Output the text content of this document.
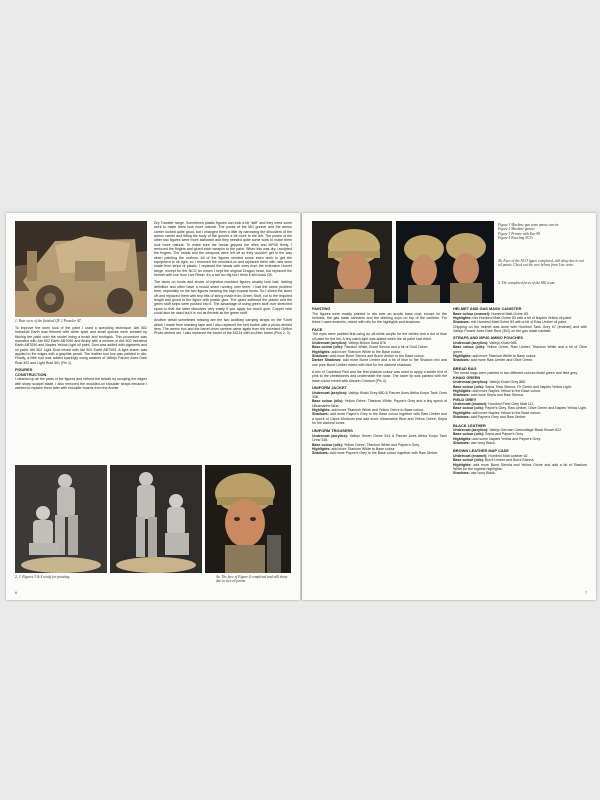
1. Rear view of the finished QF 2 Pounder AT.

To improve the worn look of the paint I used a speckling technique. Abt 502 Industrial Earth was thinned with white spirit and small specks were created by flicking the paint onto the model using a brush and toothpick. This procedure was repeated with Abt 502 Earth ABT090 and finally with a mixture of Abt 502 Industrial Earth ABT090 and Naples Yellow Light oil paint. Dust was added with pigments and oil paint: Abt 502 Light Dust mixed with Abt 502 Earth ABT093. A light sheen was applied to the edges with a graphite pencil. The leather tool box was painted in oils. Finally, a little rust was added sparingly using washes of Vallejo Panzer Aces Dark Rust 302 and Light Rust 301 (Pic 1).

FIGURES
CONSTRUCTION

I cleaned up all the parts of the figures and refined the details by scraping the edges with sharp scalpel blade. I also removed the moulded-on shoulder straps because I wanted to replace them later with shoulder boards from the Archer

Dry Transfer range. Sometimes plastic figures can look a bit "stiff" and they need some work to make them look more natural. The poses of the MG gunner and the ammo carrier looked quite good, but I changed them a little by narrowing the shoulders of the ammo carrier and tilting the body of the gunner a bit more to the left. The poses of the other two figures were more awkward and they needed quite some work to make them look more natural. To make sure the hands gripped the rifles and MP40 firmly, I removed the fingers and glued each weapon to the palm. When this was dry I sculpted the fingers. The hands and the weapons were left off so they wouldn't get in the way when painting the uniform. All of the figures needed some extra work to get the equipment to sit right, so I removed the moulded-on and replaced them with new ones made from strips of plastic. I replaced the heads with ones from the extensive Hornet range, except for the NCO for whom I kept the original Dragon head, but replaced the helmet with one from Live Resin. It's a tad too big but I think it still looks OK.

The laces on boots and shoes of injection-moulded figures usually look bad, lacking definition and often have a mould seam running over them. I had the same problem here, especially on the two figures wearing the high tropical boots. So I sliced the laces off and replaced them with tiny bits of string made from Green Stuff, cut to the required length and glued to the figure with plastic glue. The glues softened the plastic and the green stuff strips were pushed into it. The advantage of using green stuff over stretched sprue is that the latter dissolves very easily if you apply too much glue. Copper wire could also be used but it is not as flexible as the green stuff.

Another detail sometimes missing are the two auxiliary carrying straps on the Y-belt which I made from masking tape and I also replaced the belt buckle with a photo-etched item. The ammo box and the barrel drum carriers came again from the excellent Griffon Photo-etched set. I also replaced the barrel of the MG34 with an Aber barrel (Pics 2, 3).

2, 3. Figures 3 & 4 ready for painting.	4a. The face of Figure 4 completed and still shiny due to wet oil paints.
6
Figure 1 Machine gun team ammo carrier
Figure 2 Machine gunner
Figure 3 Private with Kar 98
Figure 4 Kneeling NCO.
4b. Face of the NCO figure completed, still shiny due to wet oil paints. Check out the new helmet from Live resin.
5. The completed faces of the MG team.
PAINTING

The figures were mostly painted in oils over an acrylic base coat, except for the helmets, the gas mask canisters and the drinking cups on top of the canteen. For these I used enamels, mixed with oils for the highlights and shadows.

FACE

The eyes were painted first using an off-white acrylic for the whites and a dot of blue oil paint for the iris. A tiny catch light was added when the oil paint had dried.

Undercoat (acrylics): Vallejo Brown Sand 876
Base colour (oils): Titanium White, Burnt Sienna and a bit of Gold Ochre.
Highlights: add more Titanium White to the Base colour.
Shadows: add more Burnt Sienna and Burnt Umber to the Base colour.
Darker Shadows: add more Burnt Umber and a bit of blue to the Shadow mix and use pure Burnt Umber mixed with blue for the darkest shadows.

A mix of Cadmium Red and the first shadow colour was used to apply a subtle hint of pink to the cheekbones and underneath the nose. The lower lip was painted with the base colour mixed with Alizarin Crimson (Pic 4).

UNIFORM JACKET
Undercoat (acrylics): Vallejo Khaki Grey 880 & Panzer Aces Afrika Korps Tank Crew 336.
Base colour (oils): Yellow Ochre, Titanium White, Payne's Grey and a tiny speck of Ultramarine Blue.
Highlights: add more Titanium White and Yellow Ochre to Base colour.
Shadows: add more Payne's Grey to the Base colour together with Raw Umber and a speck of Caput Mortuum and add more Ultramarine Blue and Yellow Ochre, Sepia for the darkest tones.
UNIFORM TROUSERS
Undercoat (acrylics): Vallejo Green Ochre 914 & Panzer Aces Afrika Korps Tank Crew 336.
Base colour (oils): Yellow Ochre, Titanium White and Payne's Grey.
Highlights: add more Titanium White to Base colour.
Shadows: add more Payne's Grey to the Base colour together with Raw Umber.
HELMET AND GAS MASK CANISTER
Base colour (enamel): Humbrol Matt Ochre 83.
Highlights: mix Humbrol Matt Ochre 83 with a bit of Naples Yellow oil paint.
Shadows: mix Humbrol Matt Ochre 83 with a bit of Raw Umber oil paint.

Chipping on the helmet was done with Humbrol Tank Grey 67 (enamel) and with Vallejo Panzer Aces Dark Rust (302) on the gas mask canister.

STRAPS AND MP40 AMMO POUCHES
Undercoat (acrylics): Vallejo Khaki 988.
Base colour (oils): Yellow Ochre, Raw Umber, Titanium White and a bit of Olive green.
Highlights: add more Titanium White to Base colour.
Shadows: add more Raw Umber and Olive Green.
BREAD BAG

The bread bags were painted in two different colours khaki green and field grey.

KHAKI GREEN
Undercoat (acrylics): Vallejo Khaki Grey 880.
Base colour (oils): Sepia, Raw Sienna, Fir Green and Naples Yellow Light.
Highlights: add more Naples Yellow to the Base colour.
Shadows: add more Sepia and Raw Sienna.
FIELD GREY
Undercoat (enamel): Humbrol Field Grey Matt 111.
Base colour (oils): Payne's Grey, Raw Umber, Olive Green and Naples Yellow Light.
Highlights: add more Naples Yellow to the Base colour.
Shadows: add Payne's Grey and Raw Umber.
BLACK LEATHER
Undercoat (acrylics): Vallejo German Camouflage Black Brown 822.
Base colour (oils): Sepia and Payne's Grey.
Highlights: add some Naples Yellow and Payne's Grey.
Shadows: use Ivory Black.
BROWN LEATHER MAP CASE
Undercoat (enamel): Humbrol Matt Leather 62.
Base colour (oils): Burnt Umber and Burnt Sienna.
Highlights: add more Burnt Sienna and Yellow Ochre and add a bit of Titanium White for the highest highlights.
Shadows: use Ivory Black.
7
